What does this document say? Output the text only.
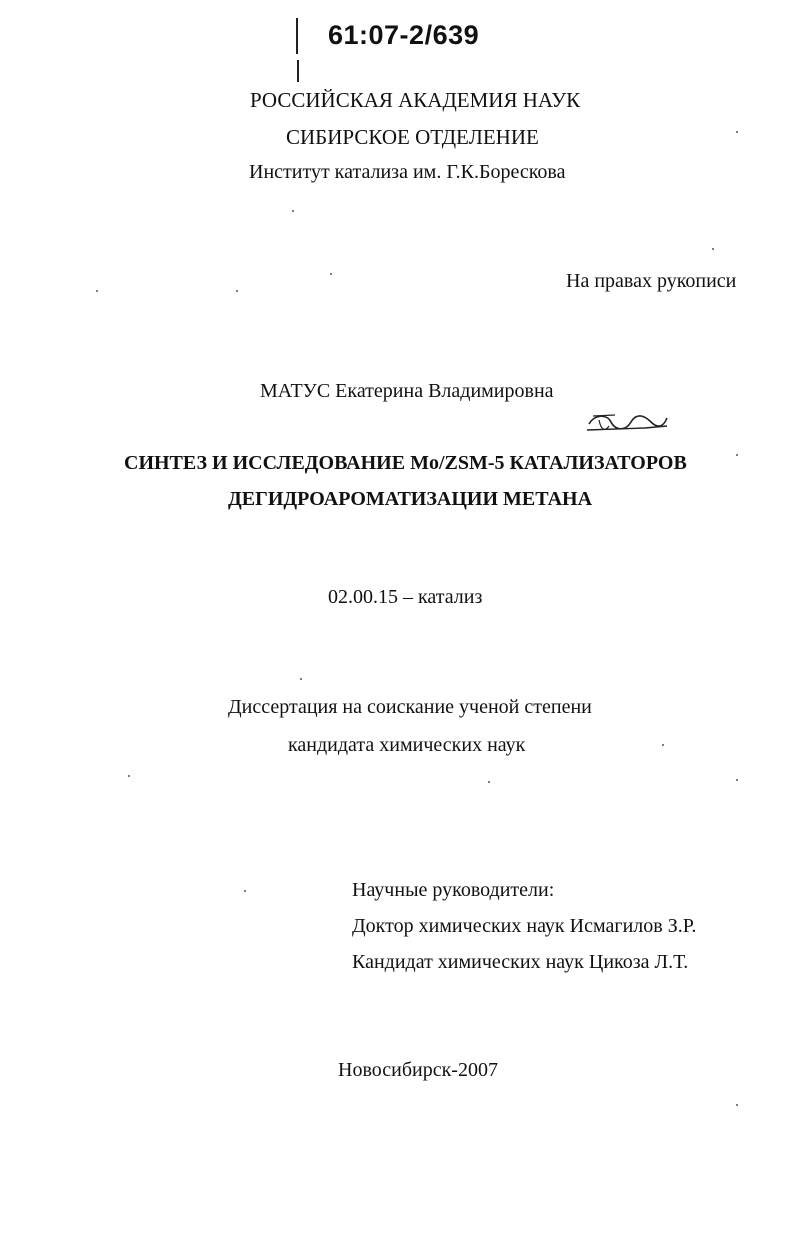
61:07-2/639
РОССИЙСКАЯ АКАДЕМИЯ НАУК
СИБИРСКОЕ ОТДЕЛЕНИЕ
Институт катализа им. Г.К.Борескова
На правах рукописи
МАТУС Екатерина Владимировна
СИНТЕЗ И ИССЛЕДОВАНИЕ Mo/ZSM-5 КАТАЛИЗАТОРОВ
ДЕГИДРОАРОМАТИЗАЦИИ МЕТАНА
02.00.15 – катализ
Диссертация на соискание ученой степени
кандидата химических наук
Научные руководители:
Доктор химических наук Исмагилов З.Р.
Кандидат химических наук Цикоза Л.Т.
Новосибирск-2007
